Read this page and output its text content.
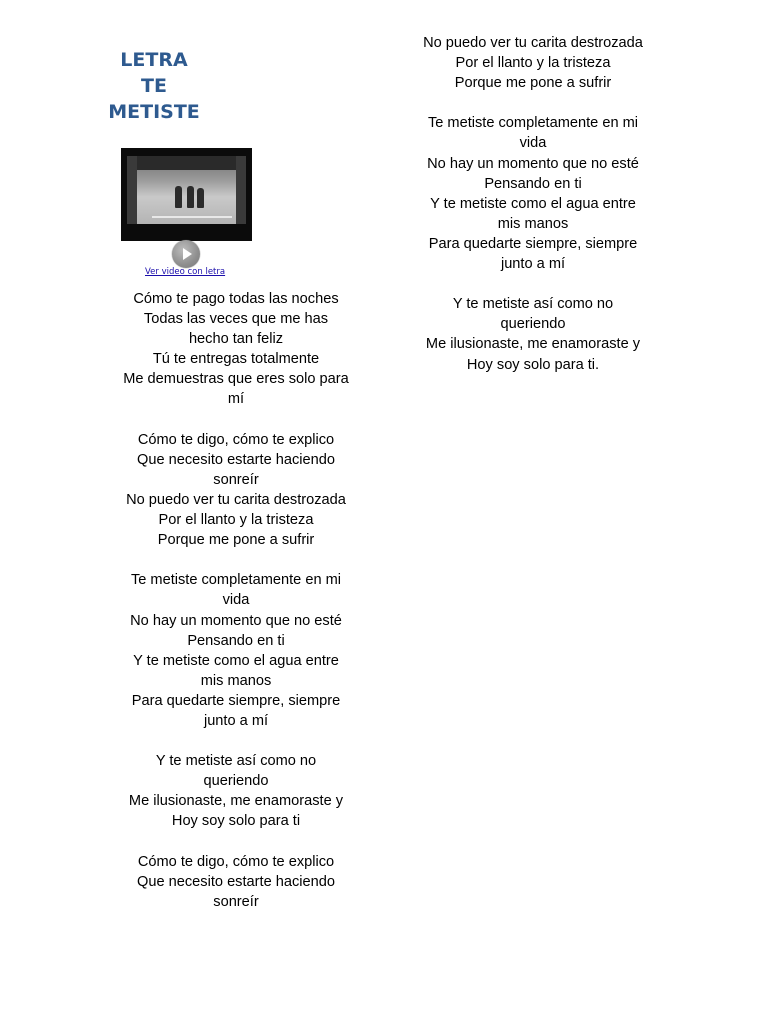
LETRA
TE
METISTE
Ver video con letra
Cómo te pago todas las noches
Todas las veces que me has
hecho tan feliz
Tú te entregas totalmente
Me demuestras que eres solo para
mí
Cómo te digo, cómo te explico
Que necesito estarte haciendo
sonreír
No puedo ver tu carita destrozada
Por el llanto y la tristeza
Porque me pone a sufrir
Te metiste completamente en mi
vida
No hay un momento que no esté
Pensando en ti
Y te metiste como el agua entre
mis manos
Para quedarte siempre, siempre
junto a mí
Y te metiste así como no
queriendo
Me ilusionaste, me enamoraste y
Hoy soy solo para ti
Cómo te digo, cómo te explico
Que necesito estarte haciendo
sonreír
No puedo ver tu carita destrozada
Por el llanto y la tristeza
Porque me pone a sufrir
Te metiste completamente en mi
vida
No hay un momento que no esté
Pensando en ti
Y te metiste como el agua entre
mis manos
Para quedarte siempre, siempre
junto a mí
Y te metiste así como no
queriendo
Me ilusionaste, me enamoraste y
Hoy soy solo para ti.
